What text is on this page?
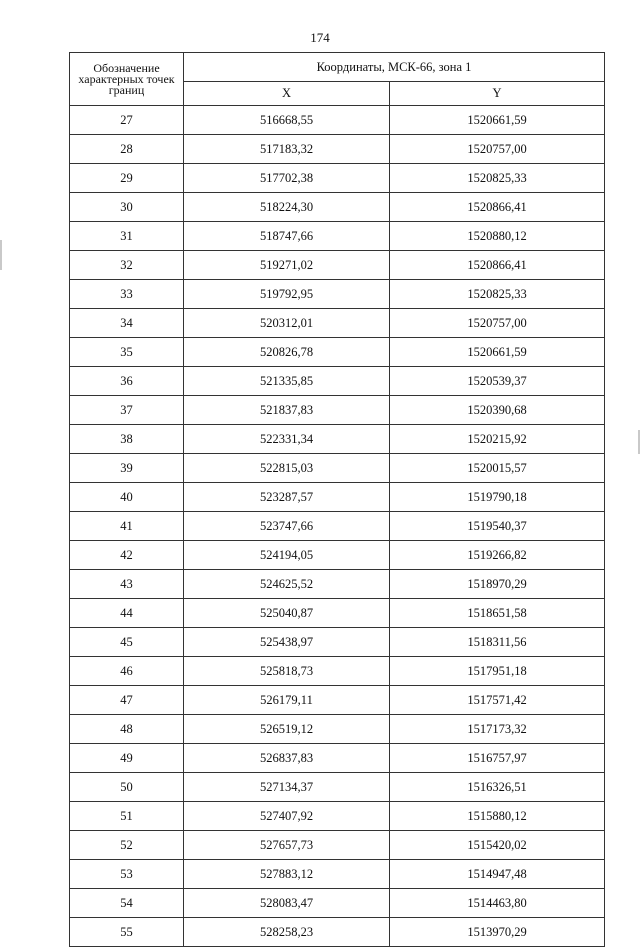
174
Обозначение характерных точек границ	Координаты, МСК-66, зона 1	
	X	Y
27	516668,55	1520661,59
28	517183,32	1520757,00
29	517702,38	1520825,33
30	518224,30	1520866,41
31	518747,66	1520880,12
32	519271,02	1520866,41
33	519792,95	1520825,33
34	520312,01	1520757,00
35	520826,78	1520661,59
36	521335,85	1520539,37
37	521837,83	1520390,68
38	522331,34	1520215,92
39	522815,03	1520015,57
40	523287,57	1519790,18
41	523747,66	1519540,37
42	524194,05	1519266,82
43	524625,52	1518970,29
44	525040,87	1518651,58
45	525438,97	1518311,56
46	525818,73	1517951,18
47	526179,11	1517571,42
48	526519,12	1517173,32
49	526837,83	1516757,97
50	527134,37	1516326,51
51	527407,92	1515880,12
52	527657,73	1515420,02
53	527883,12	1514947,48
54	528083,47	1514463,80
55	528258,23	1513970,29
